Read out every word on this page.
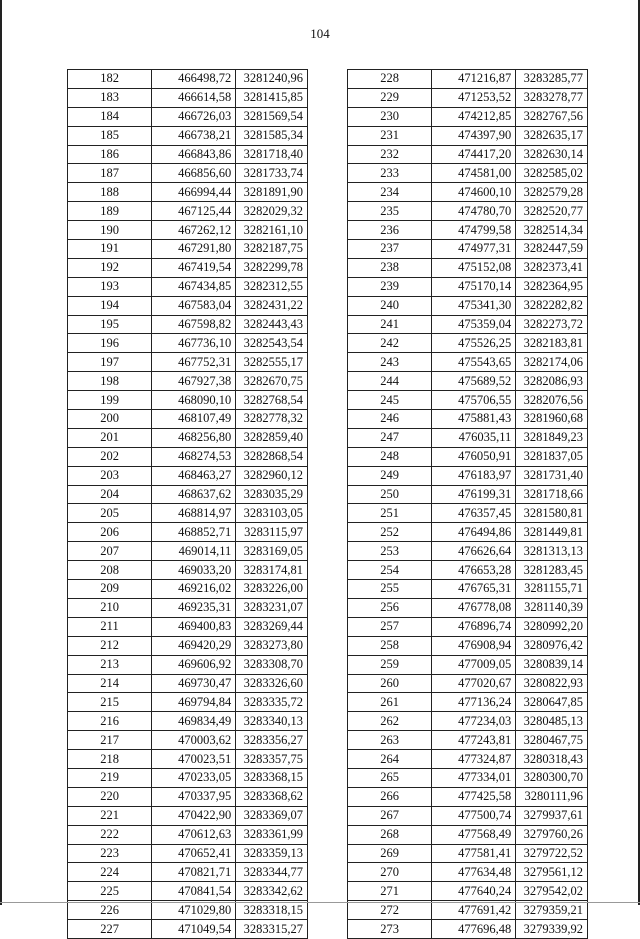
104
182	466498,72	3281240,96
183	466614,58	3281415,85
184	466726,03	3281569,54
185	466738,21	3281585,34
186	466843,86	3281718,40
187	466856,60	3281733,74
188	466994,44	3281891,90
189	467125,44	3282029,32
190	467262,12	3282161,10
191	467291,80	3282187,75
192	467419,54	3282299,78
193	467434,85	3282312,55
194	467583,04	3282431,22
195	467598,82	3282443,43
196	467736,10	3282543,54
197	467752,31	3282555,17
198	467927,38	3282670,75
199	468090,10	3282768,54
200	468107,49	3282778,32
201	468256,80	3282859,40
202	468274,53	3282868,54
203	468463,27	3282960,12
204	468637,62	3283035,29
205	468814,97	3283103,05
206	468852,71	3283115,97
207	469014,11	3283169,05
208	469033,20	3283174,81
209	469216,02	3283226,00
210	469235,31	3283231,07
211	469400,83	3283269,44
212	469420,29	3283273,80
213	469606,92	3283308,70
214	469730,47	3283326,60
215	469794,84	3283335,72
216	469834,49	3283340,13
217	470003,62	3283356,27
218	470023,51	3283357,75
219	470233,05	3283368,15
220	470337,95	3283368,62
221	470422,90	3283369,07
222	470612,63	3283361,99
223	470652,41	3283359,13
224	470821,71	3283344,77
225	470841,54	3283342,62
226	471029,80	3283318,15
227	471049,54	3283315,27
228	471216,87	3283285,77
229	471253,52	3283278,77
230	474212,85	3282767,56
231	474397,90	3282635,17
232	474417,20	3282630,14
233	474581,00	3282585,02
234	474600,10	3282579,28
235	474780,70	3282520,77
236	474799,58	3282514,34
237	474977,31	3282447,59
238	475152,08	3282373,41
239	475170,14	3282364,95
240	475341,30	3282282,82
241	475359,04	3282273,72
242	475526,25	3282183,81
243	475543,65	3282174,06
244	475689,52	3282086,93
245	475706,55	3282076,56
246	475881,43	3281960,68
247	476035,11	3281849,23
248	476050,91	3281837,05
249	476183,97	3281731,40
250	476199,31	3281718,66
251	476357,45	3281580,81
252	476494,86	3281449,81
253	476626,64	3281313,13
254	476653,28	3281283,45
255	476765,31	3281155,71
256	476778,08	3281140,39
257	476896,74	3280992,20
258	476908,94	3280976,42
259	477009,05	3280839,14
260	477020,67	3280822,93
261	477136,24	3280647,85
262	477234,03	3280485,13
263	477243,81	3280467,75
264	477324,87	3280318,43
265	477334,01	3280300,70
266	477425,58	3280111,96
267	477500,74	3279937,61
268	477568,49	3279760,26
269	477581,41	3279722,52
270	477634,48	3279561,12
271	477640,24	3279542,02
272	477691,42	3279359,21
273	477696,48	3279339,92
